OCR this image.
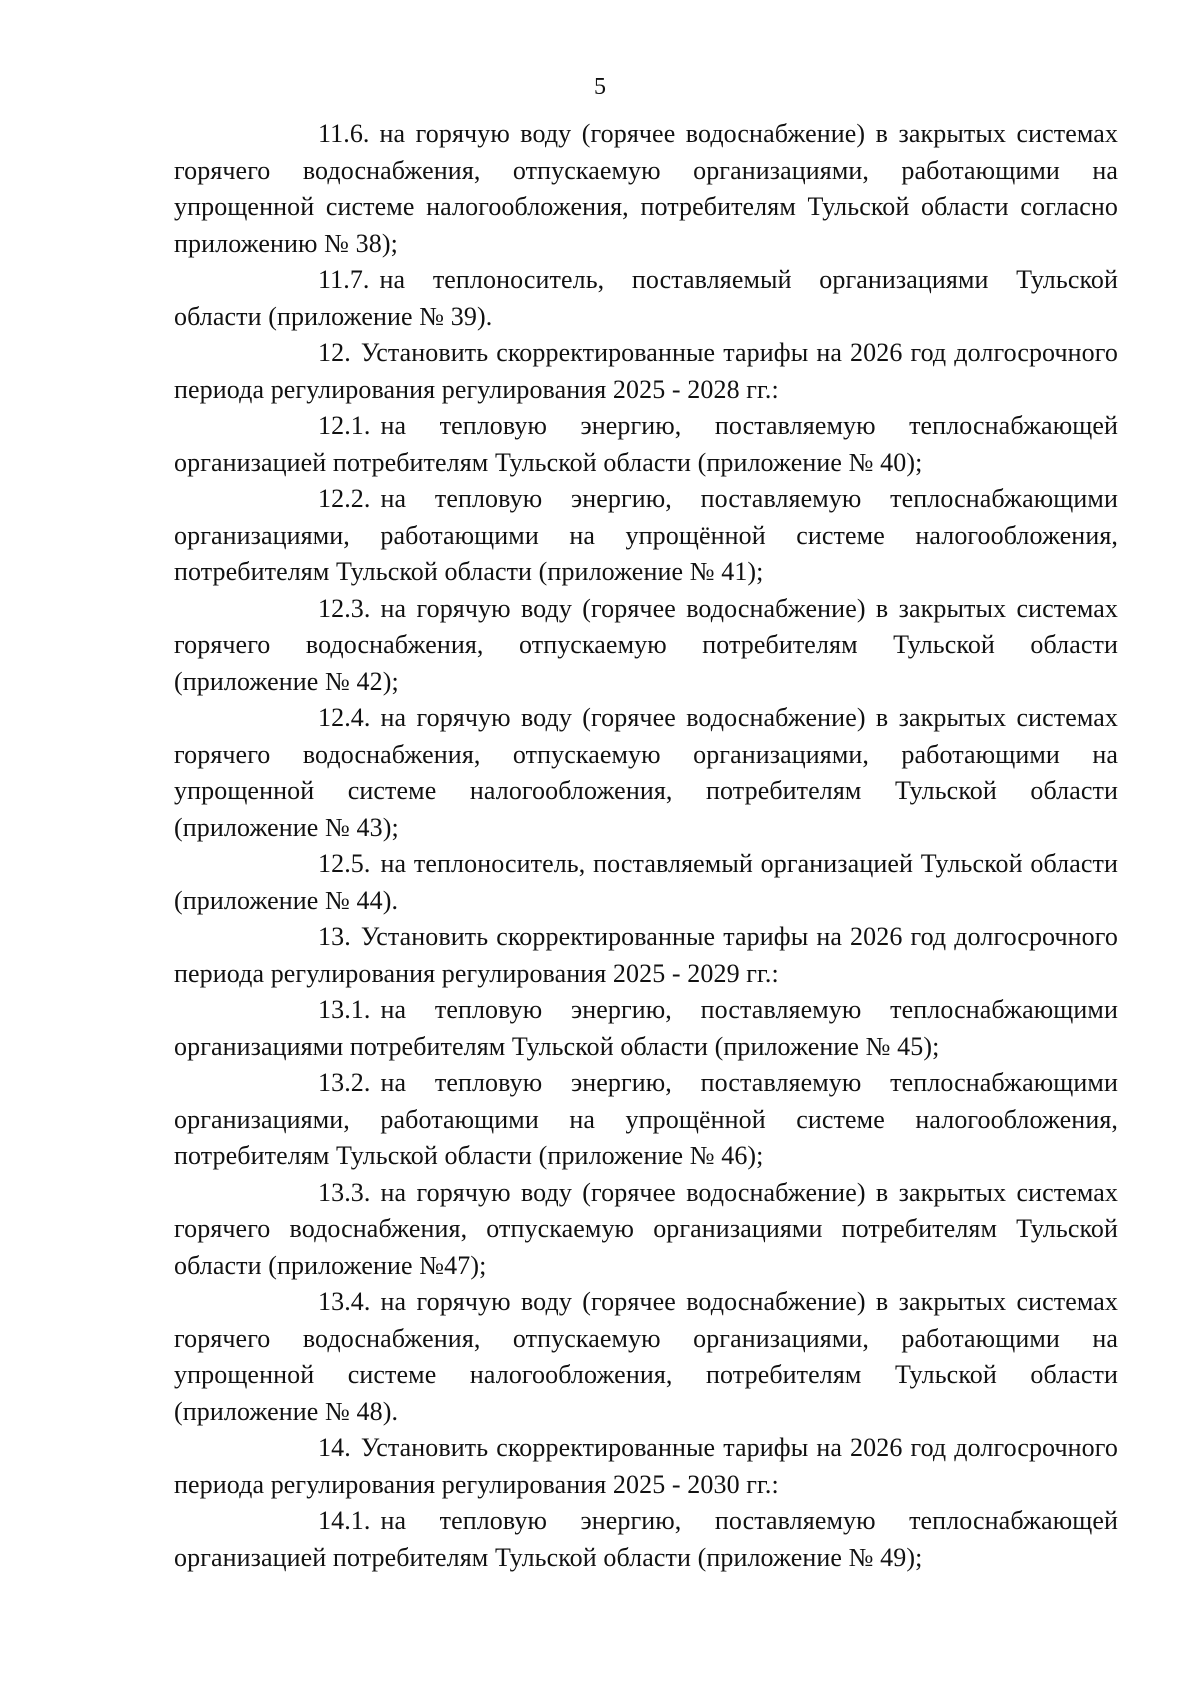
5

11.6. на горячую воду (горячее водоснабжение) в закрытых системах горячего водоснабжения, отпускаемую организациями, работающими на упрощенной системе налогообложения, потребителям Тульской области согласно приложению № 38);

11.7. на теплоноситель, поставляемый организациями Тульской области (приложение № 39).

12. Установить скорректированные тарифы на 2026 год долгосрочного периода регулирования регулирования 2025 - 2028 гг.:

12.1. на тепловую энергию, поставляемую теплоснабжающей организацией потребителям Тульской области (приложение № 40);

12.2. на тепловую энергию, поставляемую теплоснабжающими организациями, работающими на упрощённой системе налогообложения, потребителям Тульской области (приложение № 41);

12.3. на горячую воду (горячее водоснабжение) в закрытых системах горячего водоснабжения, отпускаемую потребителям Тульской области (приложение № 42);

12.4. на горячую воду (горячее водоснабжение) в закрытых системах горячего водоснабжения, отпускаемую организациями, работающими на упрощенной системе налогообложения, потребителям Тульской области (приложение № 43);

12.5. на теплоноситель, поставляемый организацией Тульской области (приложение № 44).

13. Установить скорректированные тарифы на 2026 год долгосрочного периода регулирования регулирования 2025 - 2029 гг.:

13.1. на тепловую энергию, поставляемую теплоснабжающими организациями потребителям Тульской области (приложение № 45);

13.2. на тепловую энергию, поставляемую теплоснабжающими организациями, работающими на упрощённой системе налогообложения, потребителям Тульской области (приложение № 46);

13.3. на горячую воду (горячее водоснабжение) в закрытых системах горячего водоснабжения, отпускаемую организациями потребителям Тульской области (приложение №47);

13.4. на горячую воду (горячее водоснабжение) в закрытых системах горячего водоснабжения, отпускаемую организациями, работающими на упрощенной системе налогообложения, потребителям Тульской области (приложение № 48).

14. Установить скорректированные тарифы на 2026 год долгосрочного периода регулирования регулирования 2025 - 2030 гг.:

14.1. на тепловую энергию, поставляемую теплоснабжающей организацией потребителям Тульской области (приложение № 49);
